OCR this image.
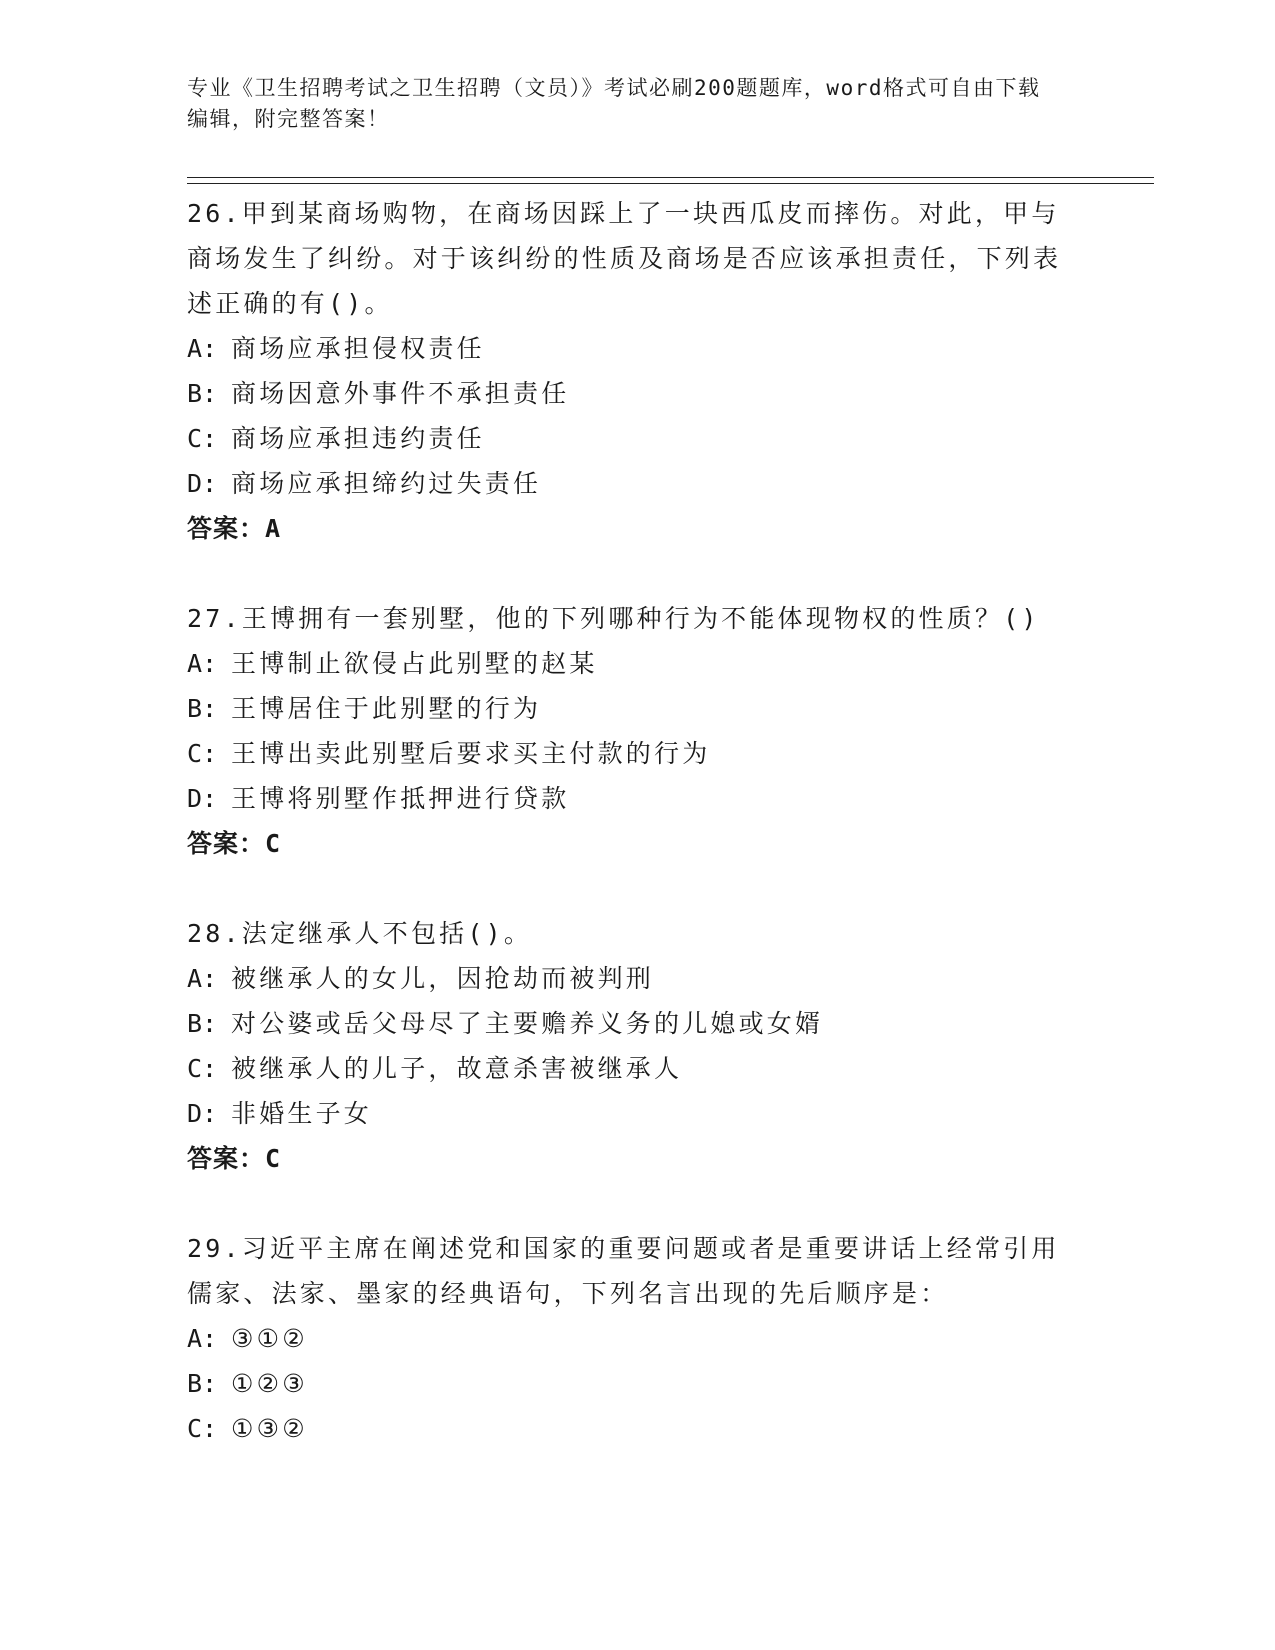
专业《卫生招聘考试之卫生招聘（文员）》考试必刷200题题库，word格式可自由下载编辑，附完整答案！
26.甲到某商场购物，在商场因踩上了一块西瓜皮而摔伤。对此，甲与商场发生了纠纷。对于该纠纷的性质及商场是否应该承担责任，下列表述正确的有()。
A: 商场应承担侵权责任
B: 商场因意外事件不承担责任
C: 商场应承担违约责任
D: 商场应承担缔约过失责任
答案：A
27.王博拥有一套别墅，他的下列哪种行为不能体现物权的性质？()
A: 王博制止欲侵占此别墅的赵某
B: 王博居住于此别墅的行为
C: 王博出卖此别墅后要求买主付款的行为
D: 王博将别墅作抵押进行贷款
答案：C
28.法定继承人不包括()。
A: 被继承人的女儿，因抢劫而被判刑
B: 对公婆或岳父母尽了主要赡养义务的儿媳或女婿
C: 被继承人的儿子，故意杀害被继承人
D: 非婚生子女
答案：C
29.习近平主席在阐述党和国家的重要问题或者是重要讲话上经常引用儒家、法家、墨家的经典语句，下列名言出现的先后顺序是：
A: ③①②
B: ①②③
C: ①③②
